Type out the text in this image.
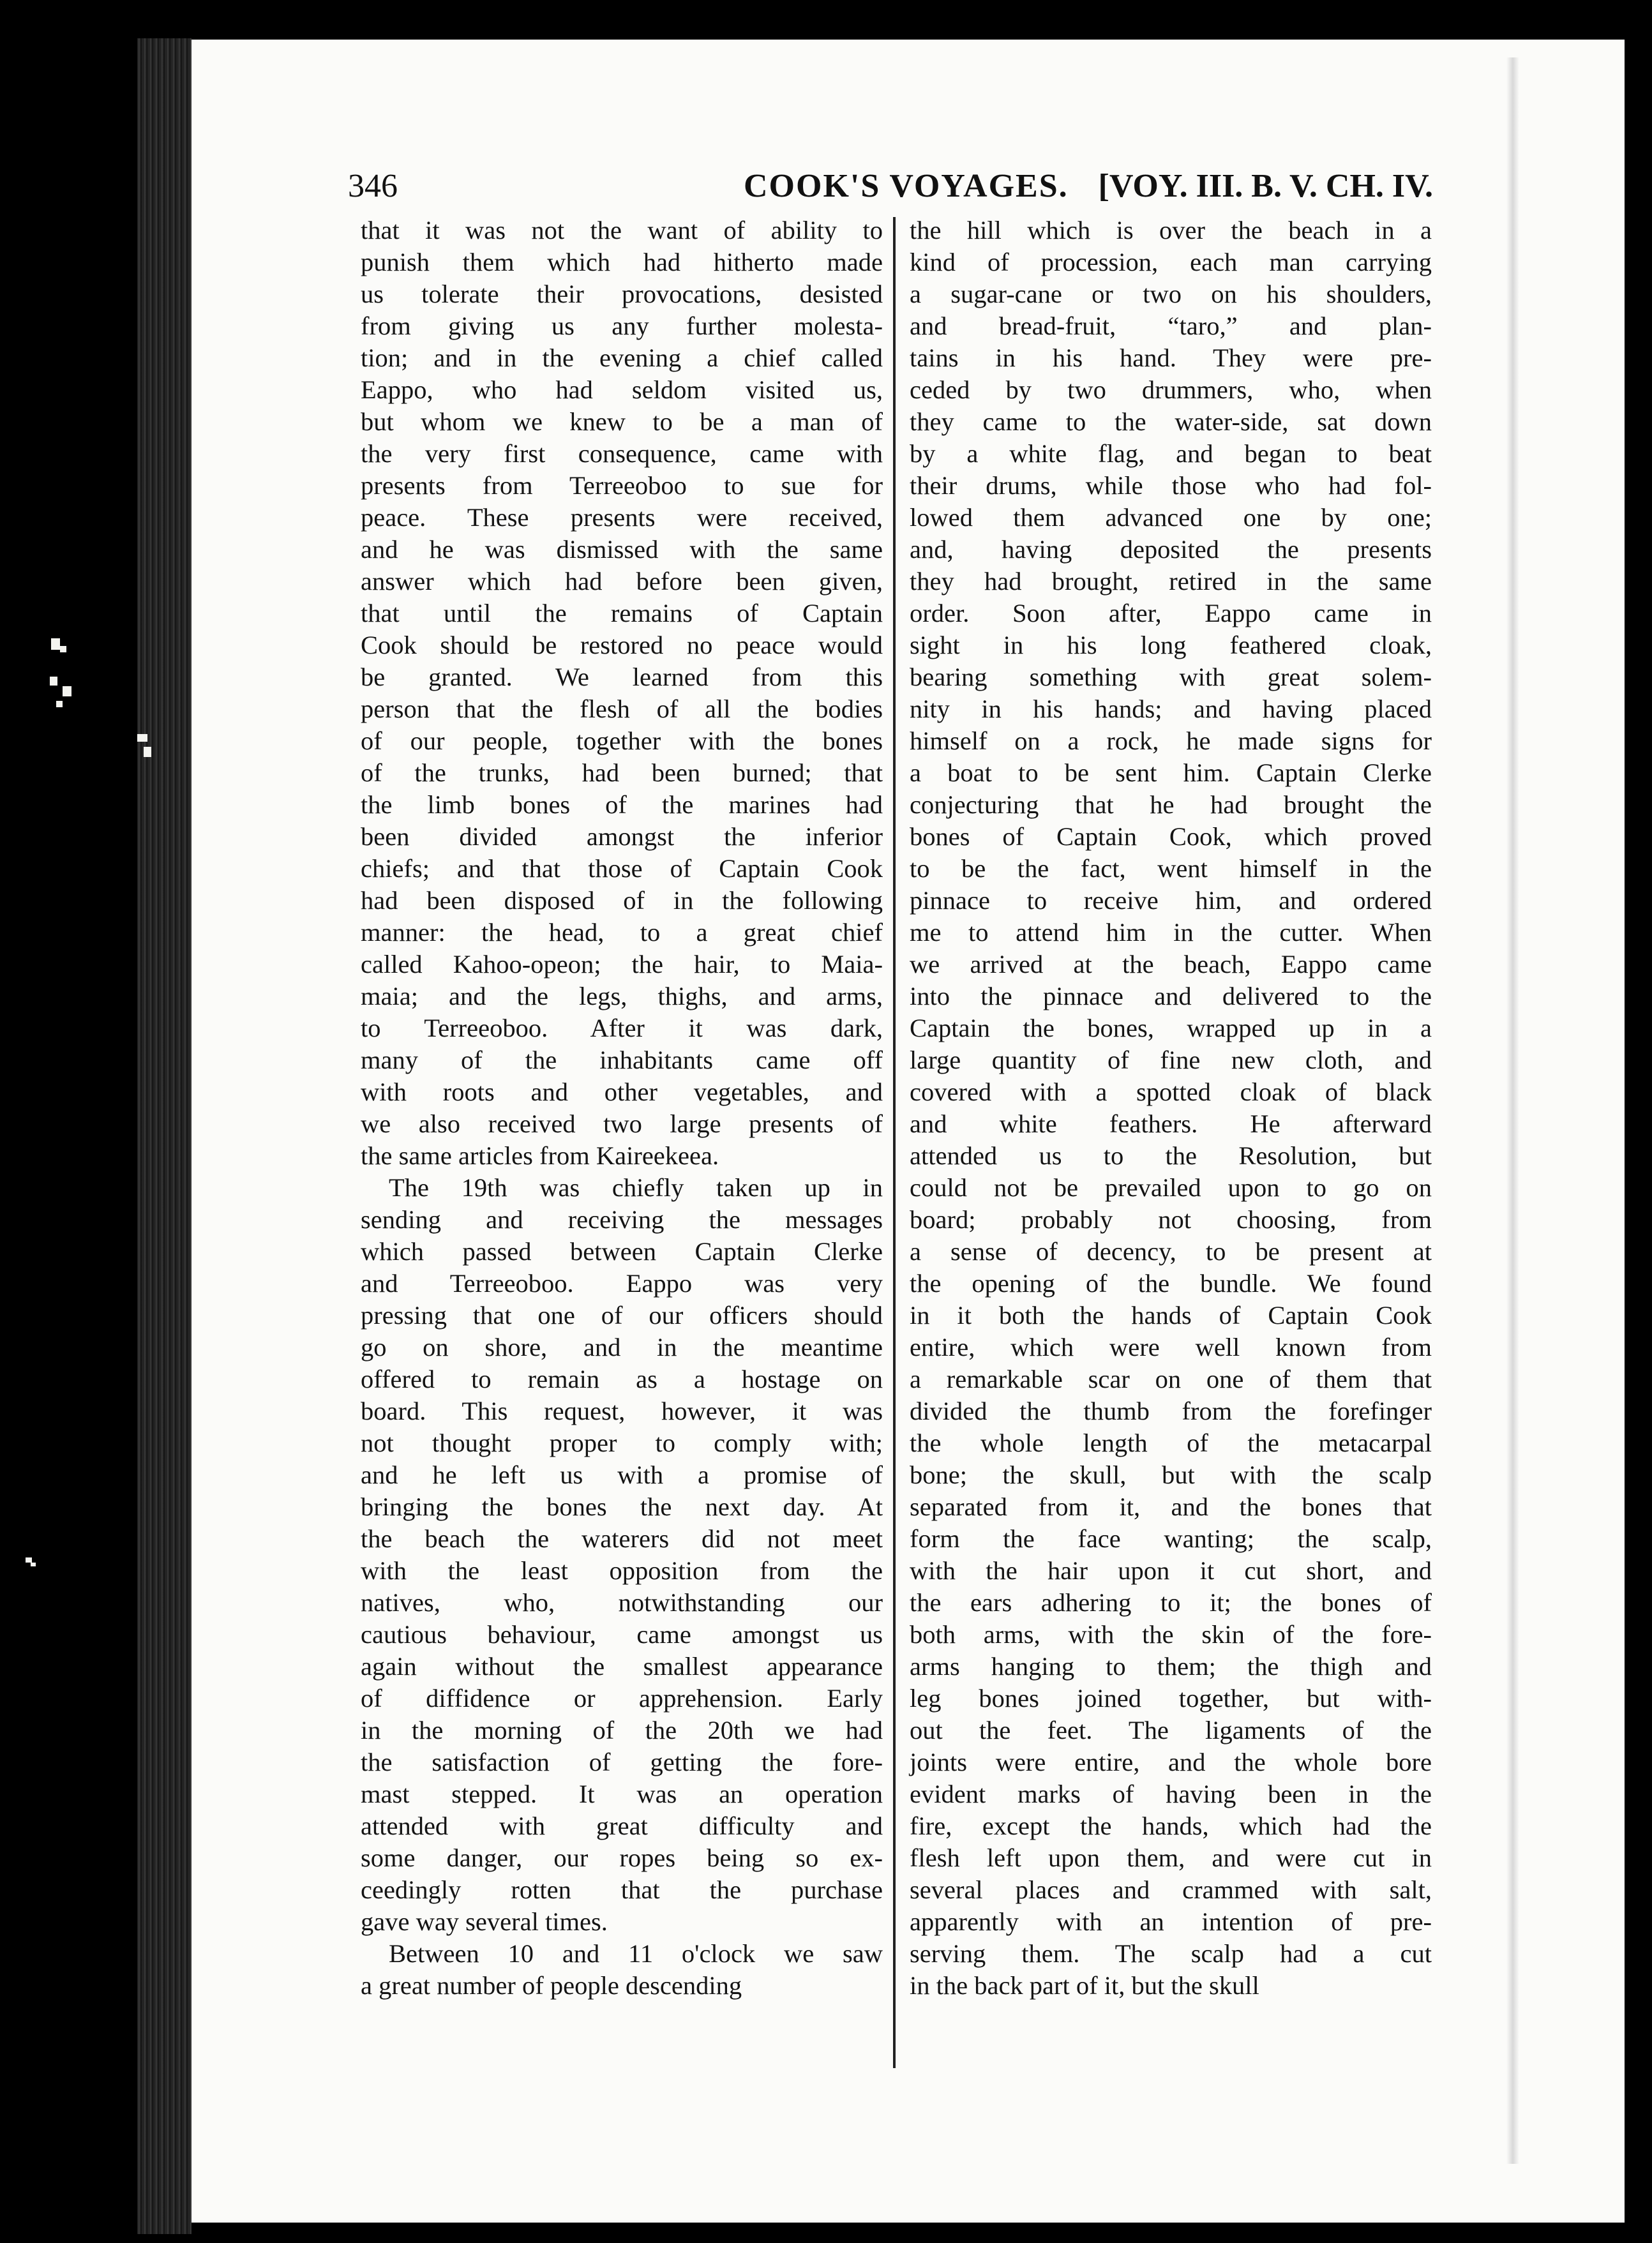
346	COOK'S VOYAGES. [VOY. III. B. V. CH. IV.
that it was not the want of ability to
punish them which had hitherto made
us tolerate their provocations, desisted
from giving us any further molesta-
tion; and in the evening a chief called
Eappo, who had seldom visited us,
but whom we knew to be a man of
the very first consequence, came with
presents from Terreeoboo to sue for
peace. These presents were received,
and he was dismissed with the same
answer which had before been given,
that until the remains of Captain
Cook should be restored no peace would
be granted. We learned from this
person that the flesh of all the bodies
of our people, together with the bones
of the trunks, had been burned; that
the limb bones of the marines had
been divided amongst the inferior
chiefs; and that those of Captain Cook
had been disposed of in the following
manner: the head, to a great chief
called Kahoo-opeon; the hair, to Maia-
maia; and the legs, thighs, and arms,
to Terreeoboo. After it was dark,
many of the inhabitants came off
with roots and other vegetables, and
we also received two large presents of
the same articles from Kaireekeea.
The 19th was chiefly taken up in
sending and receiving the messages
which passed between Captain Clerke
and Terreeoboo. Eappo was very
pressing that one of our officers should
go on shore, and in the meantime
offered to remain as a hostage on
board. This request, however, it was
not thought proper to comply with;
and he left us with a promise of
bringing the bones the next day. At
the beach the waterers did not meet
with the least opposition from the
natives, who, notwithstanding our
cautious behaviour, came amongst us
again without the smallest appearance
of diffidence or apprehension. Early
in the morning of the 20th we had
the satisfaction of getting the fore-
mast stepped. It was an operation
attended with great difficulty and
some danger, our ropes being so ex-
ceedingly rotten that the purchase
gave way several times.
Between 10 and 11 o'clock we saw
a great number of people descending
the hill which is over the beach in a
kind of procession, each man carrying
a sugar-cane or two on his shoulders,
and bread-fruit, “taro,” and plan-
tains in his hand. They were pre-
ceded by two drummers, who, when
they came to the water-side, sat down
by a white flag, and began to beat
their drums, while those who had fol-
lowed them advanced one by one;
and, having deposited the presents
they had brought, retired in the same
order. Soon after, Eappo came in
sight in his long feathered cloak,
bearing something with great solem-
nity in his hands; and having placed
himself on a rock, he made signs for
a boat to be sent him. Captain Clerke
conjecturing that he had brought the
bones of Captain Cook, which proved
to be the fact, went himself in the
pinnace to receive him, and ordered
me to attend him in the cutter. When
we arrived at the beach, Eappo came
into the pinnace and delivered to the
Captain the bones, wrapped up in a
large quantity of fine new cloth, and
covered with a spotted cloak of black
and white feathers. He afterward
attended us to the Resolution, but
could not be prevailed upon to go on
board; probably not choosing, from
a sense of decency, to be present at
the opening of the bundle. We found
in it both the hands of Captain Cook
entire, which were well known from
a remarkable scar on one of them that
divided the thumb from the forefinger
the whole length of the metacarpal
bone; the skull, but with the scalp
separated from it, and the bones that
form the face wanting; the scalp,
with the hair upon it cut short, and
the ears adhering to it; the bones of
both arms, with the skin of the fore-
arms hanging to them; the thigh and
leg bones joined together, but with-
out the feet. The ligaments of the
joints were entire, and the whole bore
evident marks of having been in the
fire, except the hands, which had the
flesh left upon them, and were cut in
several places and crammed with salt,
apparently with an intention of pre-
serving them. The scalp had a cut
in the back part of it, but the skull
